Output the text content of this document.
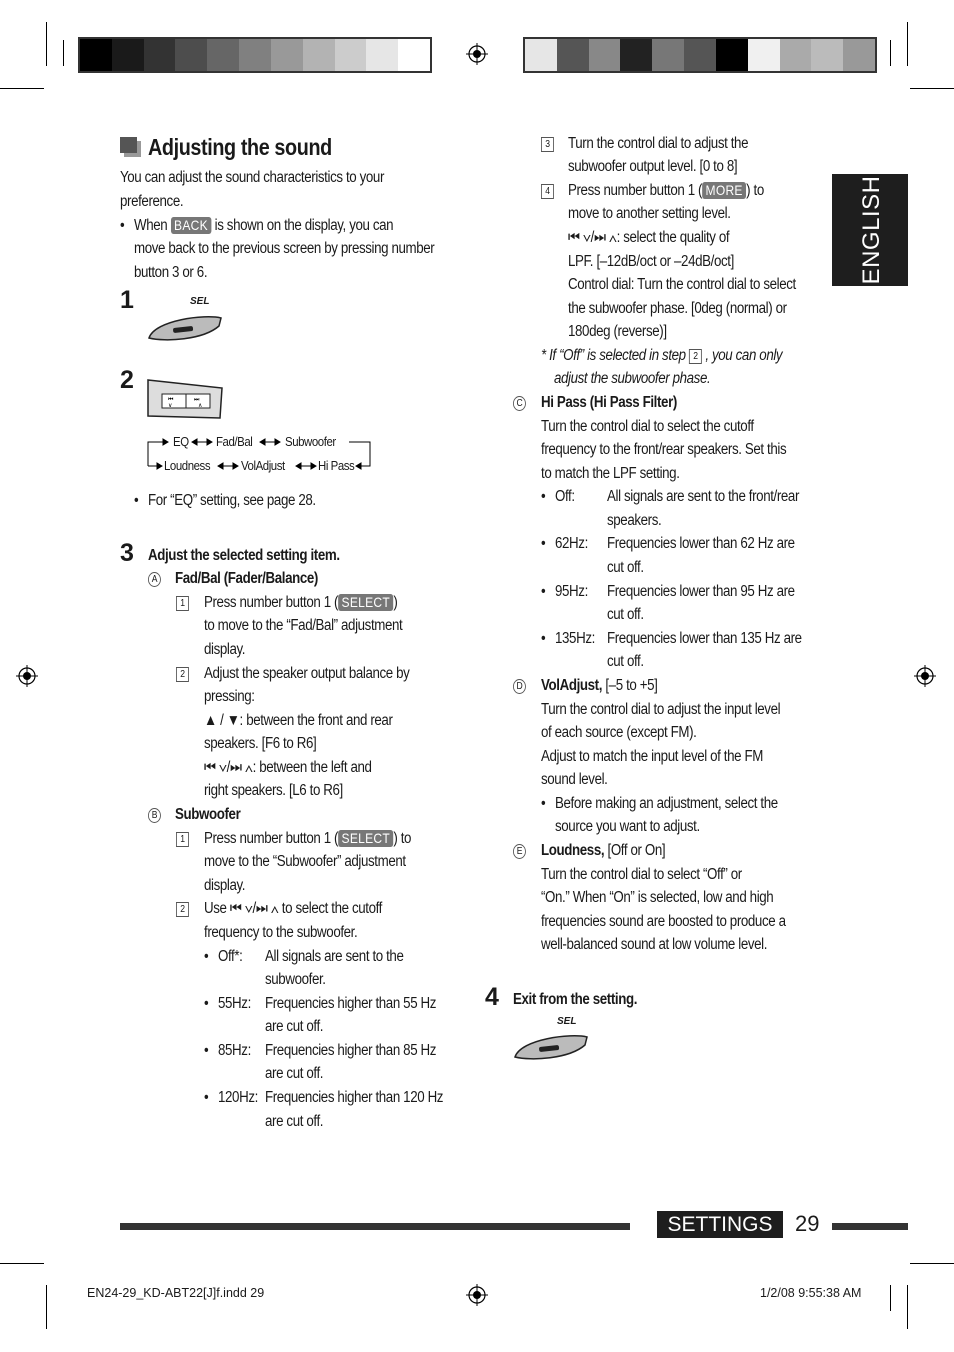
ENGLISH
Adjusting the sound
You can adjust the sound characteristics to your
preference.
• When BACK is shown on the display, you can
move back to the previous screen by pressing number
button 3 or 6.
1	SEL
2
⏮	⏭
∨	∧
EQ Fad/Bal	Subwoofer
Loudness VolAdjust	Hi Pass
• For “EQ” setting, see page 28.
3 Adjust the selected setting item.
A Fad/Bal (Fader/Balance)
1	Press number button 1 ( SELECT )
to move to the “Fad/Bal” adjustment
display.
2	Adjust the speaker output balance by
pressing:
▲ / ▼: between the front and rear
speakers. [F6 to R6]
⏮ ∨/⏭ ∧: between the left and
right speakers. [L6 to R6]
B Subwoofer
1	Press number button 1 ( SELECT ) to
move to the “Subwoofer” adjustment
display.
2	Use ⏮ ∨/⏭ ∧ to select the cutoff
frequency to the subwoofer.
• Off*: All signals are sent to the
subwoofer.
• 55Hz: Frequencies higher than 55 Hz
are cut off.
• 85Hz: Frequencies higher than 85 Hz
are cut off.
• 120Hz: Frequencies higher than 120 Hz
are cut off.
3	Turn the control dial to adjust the
subwoofer output level. [0 to 8]
4	Press number button 1 ( MORE ) to
move to another setting level.
⏮ ∨/⏭ ∧: select the quality of
LPF. [–12dB/oct or –24dB/oct]
Control dial: Turn the control dial to select
the subwoofer phase. [0deg (normal) or
180deg (reverse)]
* If “Off” is selected in step 2 , you can only
adjust the subwoofer phase.
C Hi Pass (Hi Pass Filter)
Turn the control dial to select the cutoff
frequency to the front/rear speakers. Set this
to match the LPF setting.
• Off: All signals are sent to the front/rear
speakers.
• 62Hz: Frequencies lower than 62 Hz are
cut off.
• 95Hz: Frequencies lower than 95 Hz are
cut off.
• 135Hz: Frequencies lower than 135 Hz are
cut off.
D VolAdjust, [–5 to +5]
Turn the control dial to adjust the input level
of each source (except FM).
Adjust to match the input level of the FM
sound level.
• Before making an adjustment, select the
source you want to adjust.
E Loudness, [Off or On]
Turn the control dial to select “Off” or
“On.” When “On” is selected, low and high
frequencies sound are boosted to produce a
well-balanced sound at low volume level.
4 Exit from the setting.
SEL
SETTINGS	29
EN24-29_KD-ABT22[J]f.indd 29	1/2/08 9:55:38 AM
